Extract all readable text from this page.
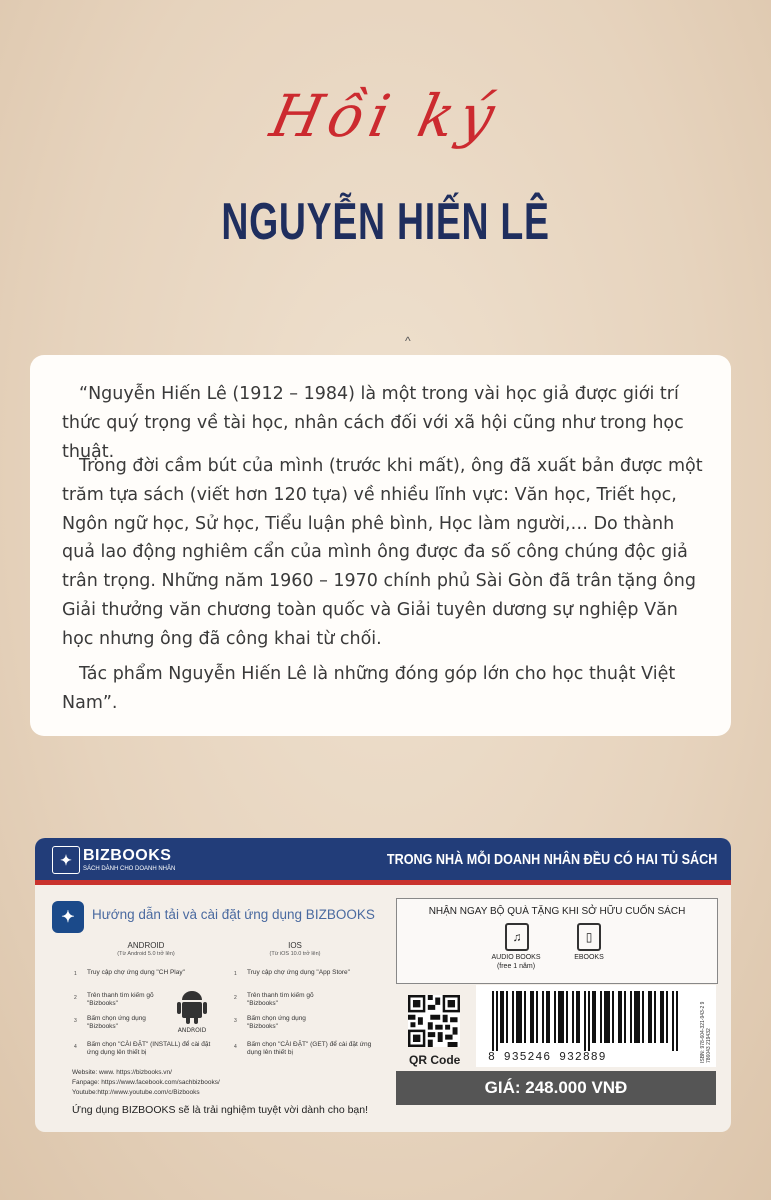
Hồi ký
NGUYỄN HIẾN LÊ
^

“Nguyễn Hiến Lê (1912 – 1984) là một trong vài học giả được giới trí thức quý trọng về tài học, nhân cách đối với xã hội cũng như trong học thuật.

Trong đời cầm bút của mình (trước khi mất), ông đã xuất bản được một trăm tựa sách (viết hơn 120 tựa) về nhiều lĩnh vực: Văn học, Triết học, Ngôn ngữ học, Sử học, Tiểu luận phê bình, Học làm người,… Do thành quả lao động nghiêm cẩn của mình ông được đa số công chúng độc giả trân trọng. Những năm 1960 – 1970 chính phủ Sài Gòn đã trân tặng ông Giải thưởng văn chương toàn quốc và Giải tuyên dương sự nghiệp Văn học nhưng ông đã công khai từ chối.

Tác phẩm Nguyễn Hiến Lê là những đóng góp lớn cho học thuật Việt Nam”.

✦ BIZBOOKS
SÁCH DÀNH CHO DOANH NHÂN
TRONG NHÀ MỖI DOANH NHÂN ĐỀU CÓ HAI TỦ SÁCH
✦	Hướng dẫn tải và cài đặt ứng dụng BIZBOOKS
ANDROID
(Từ Android 5.0 trở lên)
1 Truy cập chợ ứng dụng "CH Play"
2 Trên thanh tìm kiếm gõ "Bizbooks"
3 Bấm chọn ứng dụng "Bizbooks"
4 Bấm chọn "CÀI ĐẶT" (INSTALL) để cài đặt ứng dụng lên thiết bị
ANDROID
IOS
(Từ iOS 10.0 trở lên)
1 Truy cập chợ ứng dụng "App Store"
2 Trên thanh tìm kiếm gõ "Bizbooks"
3 Bấm chọn ứng dụng "Bizbooks"
4 Bấm chọn "CÀI ĐẶT" (GET) để cài đặt ứng dụng lên thiết bị
Website: www. https://bizbooks.vn/
Fanpage: https://www.facebook.com/sachbizbooks/
Youtube:http://www.youtube.com/c/Bizbooks
Ứng dụng BIZBOOKS sẽ là trải nghiệm tuyệt vời dành cho bạn!
NHẬN NGAY BỘ QUÀ TẶNG KHI SỞ HỮU CUỐN SÁCH
♫
AUDIO BOOKS
(free 1 năm)
▯
EBOOKS
QR Code 8 935246 932889	ISBN: 978-604-321-943-2 9 786043 219432
GIÁ: 248.000 VNĐ
